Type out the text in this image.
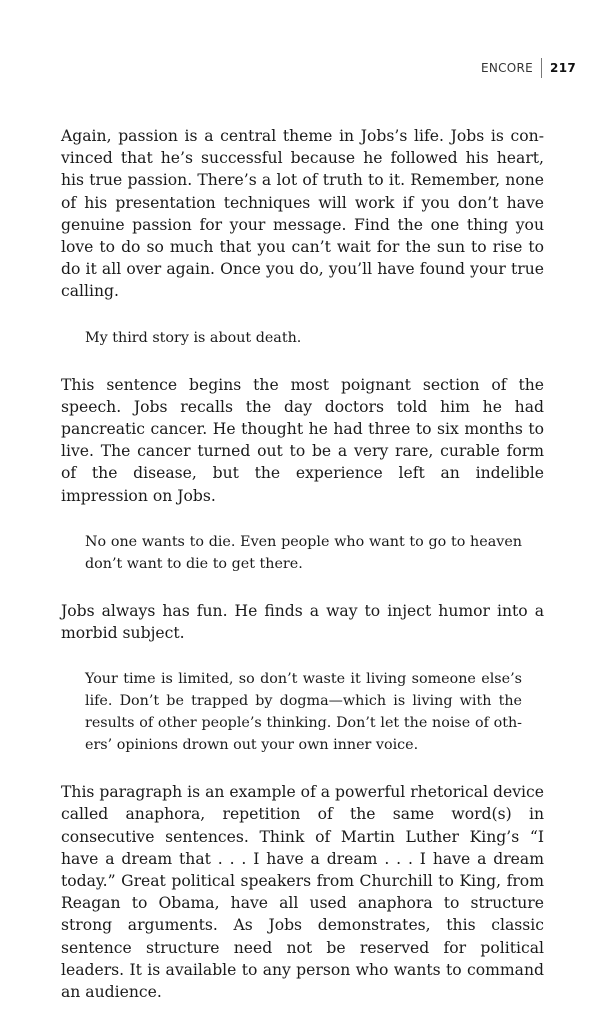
ENCORE	217

Again, passion is a central theme in Jobs’s life. Jobs is convinced that he’s successful because he followed his heart, his true passion. There’s a lot of truth to it. Remember, none of his presentation techniques will work if you don’t have genuine passion for your message. Find the one thing you love to do so much that you can’t wait for the sun to rise to do it all over again. Once you do, you’ll have found your true calling.

My third story is about death.

This sentence begins the most poignant section of the speech. Jobs recalls the day doctors told him he had pancreatic cancer. He thought he had three to six months to live. The cancer turned out to be a very rare, curable form of the disease, but the experience left an indelible impression on Jobs.

No one wants to die. Even people who want to go to heaven don’t want to die to get there.

Jobs always has fun. He finds a way to inject humor into a morbid subject.

Your time is limited, so don’t waste it living someone else’s life. Don’t be trapped by dogma—which is living with the results of other people’s thinking. Don’t let the noise of others’ opinions drown out your own inner voice.

This paragraph is an example of a powerful rhetorical device called anaphora, repetition of the same word(s) in consecutive sentences. Think of Martin Luther King’s “I have a dream that . . . I have a dream . . . I have a dream today.” Great political speakers from Churchill to King, from Reagan to Obama, have all used anaphora to structure strong arguments. As Jobs demonstrates, this classic sentence structure need not be reserved for political leaders. It is available to any person who wants to command an audience.
